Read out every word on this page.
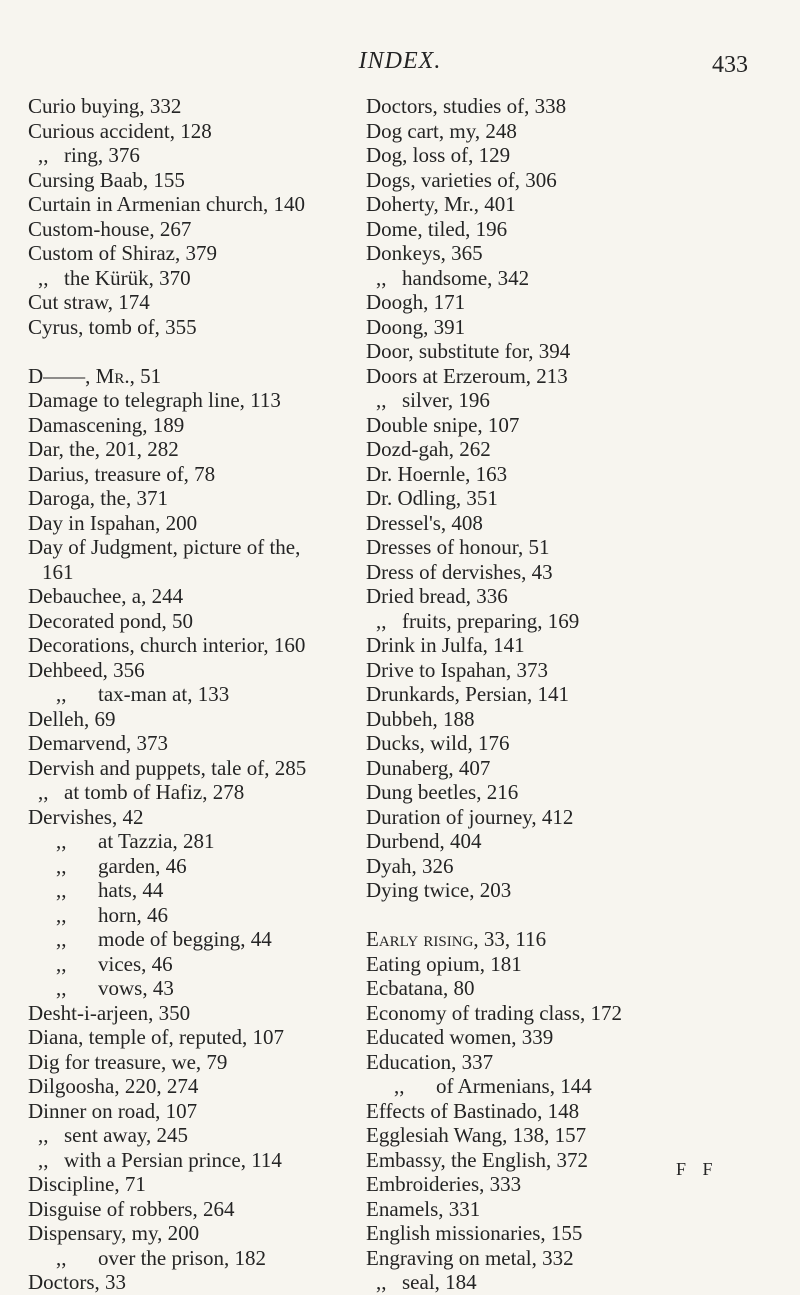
INDEX.	433
Curio buying, 332
Curious accident, 128
,, ring, 376
Cursing Baab, 155
Curtain in Armenian church, 140
Custom-house, 267
Custom of Shiraz, 379
,, the Kürük, 370
Cut straw, 174
Cyrus, tomb of, 355
D——, Mr., 51
Damage to telegraph line, 113
Damascening, 189
Dar, the, 201, 282
Darius, treasure of, 78
Daroga, the, 371
Day in Ispahan, 200
Day of Judgment, picture of the,
161
Debauchee, a, 244
Decorated pond, 50
Decorations, church interior, 160
Dehbeed, 356
,, tax-man at, 133
Delleh, 69
Demarvend, 373
Dervish and puppets, tale of, 285
,, at tomb of Hafiz, 278
Dervishes, 42
,, at Tazzia, 281
,, garden, 46
,, hats, 44
,, horn, 46
,, mode of begging, 44
,, vices, 46
,, vows, 43
Desht-i-arjeen, 350
Diana, temple of, reputed, 107
Dig for treasure, we, 79
Dilgoosha, 220, 274
Dinner on road, 107
,, sent away, 245
,, with a Persian prince, 114
Discipline, 71
Disguise of robbers, 264
Dispensary, my, 200
,, over the prison, 182
Doctors, 33
Doctors, studies of, 338
Dog cart, my, 248
Dog, loss of, 129
Dogs, varieties of, 306
Doherty, Mr., 401
Dome, tiled, 196
Donkeys, 365
,, handsome, 342
Doogh, 171
Doong, 391
Door, substitute for, 394
Doors at Erzeroum, 213
,, silver, 196
Double snipe, 107
Dozd-gah, 262
Dr. Hoernle, 163
Dr. Odling, 351
Dressel's, 408
Dresses of honour, 51
Dress of dervishes, 43
Dried bread, 336
,, fruits, preparing, 169
Drink in Julfa, 141
Drive to Ispahan, 373
Drunkards, Persian, 141
Dubbeh, 188
Ducks, wild, 176
Dunaberg, 407
Dung beetles, 216
Duration of journey, 412
Durbend, 404
Dyah, 326
Dying twice, 203
Early rising, 33, 116
Eating opium, 181
Ecbatana, 80
Economy of trading class, 172
Educated women, 339
Education, 337
,, of Armenians, 144
Effects of Bastinado, 148
Egglesiah Wang, 138, 157
Embassy, the English, 372
Embroideries, 333
Enamels, 331
English missionaries, 155
Engraving on metal, 332
,, seal, 184
F F
